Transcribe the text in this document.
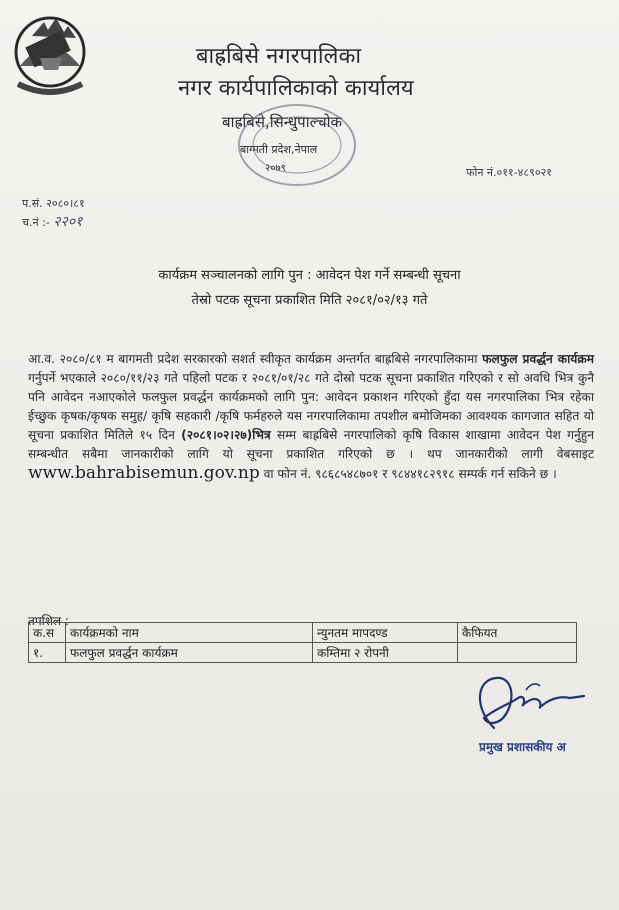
बाह्रबिसे नगरपालिका
नगर कार्यपालिकाको कार्यालय
बाह्रबिसे,सिन्धुपाल्चोक
बाग्मती प्रदेश,नेपाल
२०७९	फोन नं.०११-४८९०२१
प.सं. २०८०।८१
च.नं :- २२०१
कार्यक्रम सञ्चालनको लागि पुन : आवेदन पेश गर्ने सम्बन्धी सूचना
तेस्रो पटक सूचना प्रकाशित मिति २०८१/०२/१३ गते
आ.व. २०८०/८१ म बागमती प्रदेश सरकारको सशर्त स्वीकृत कार्यक्रम अन्तर्गत बाह्रबिसे नगरपालिकामा फलफुल प्रवर्द्धन कार्यक्रम गर्नुपर्ने भएकाले २०८०/११/२३ गते पहिलो पटक र २०८१/०१/२८ गते दोस्रो पटक सूचना प्रकाशित गरिएको र सो अवधि भित्र कुनै पनि आवेदन नआएकोले फलफुल प्रवर्द्धन कार्यक्रमको लागि पुन: आवेदन प्रकाशन गरिएको हुँदा यस नगरपालिका भित्र रहेका ईच्छुक कृषक/कृषक समुह/ कृषि सहकारी /कृषि फर्महरुले यस नगरपालिकामा तपशील बमोजिमका आवश्यक कागजात सहित यो सूचना प्रकाशित मितिले १५ दिन (२०८१।०२।२७)भित्र सम्म बाह्रबिसे नगरपालिको कृषि विकास शाखामा आवेदन पेश गर्नुहुन सम्बन्धीत सबैमा जानकारीको लागि यो सूचना प्रकाशित गरिएको छ । थप जानकारीको लागी वेबसाइट www.bahrabisemun.gov.np वा फोन नं. ९८६८५४८७०१ र ९८४४१८२९१८ सम्पर्क गर्न सकिने छ ।
तपशिल :
क.स	कार्यक्रमको नाम	न्युनतम मापदण्ड	कैफियत
१.	फलफुल प्रवर्द्धन कार्यक्रम	कम्तिमा २ रोपनी	
प्रमुख प्रशासकीय अ
